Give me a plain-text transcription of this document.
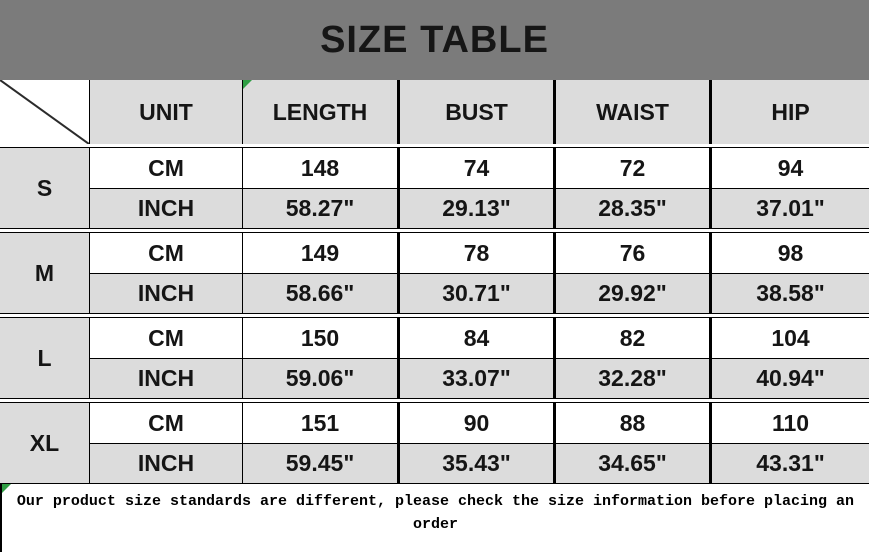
SIZE TABLE
UNIT	LENGTH	BUST	WAIST	HIP
S
CM	148	74	72	94
INCH	58.27"	29.13"	28.35"	37.01"
M
CM	149	78	76	98
INCH	58.66"	30.71"	29.92"	38.58"
L
CM	150	84	82	104
INCH	59.06"	33.07"	32.28"	40.94"
XL
CM	151	90	88	110
INCH	59.45"	35.43"	34.65"	43.31"

Our product size standards are different, please check the size information before placing an order
